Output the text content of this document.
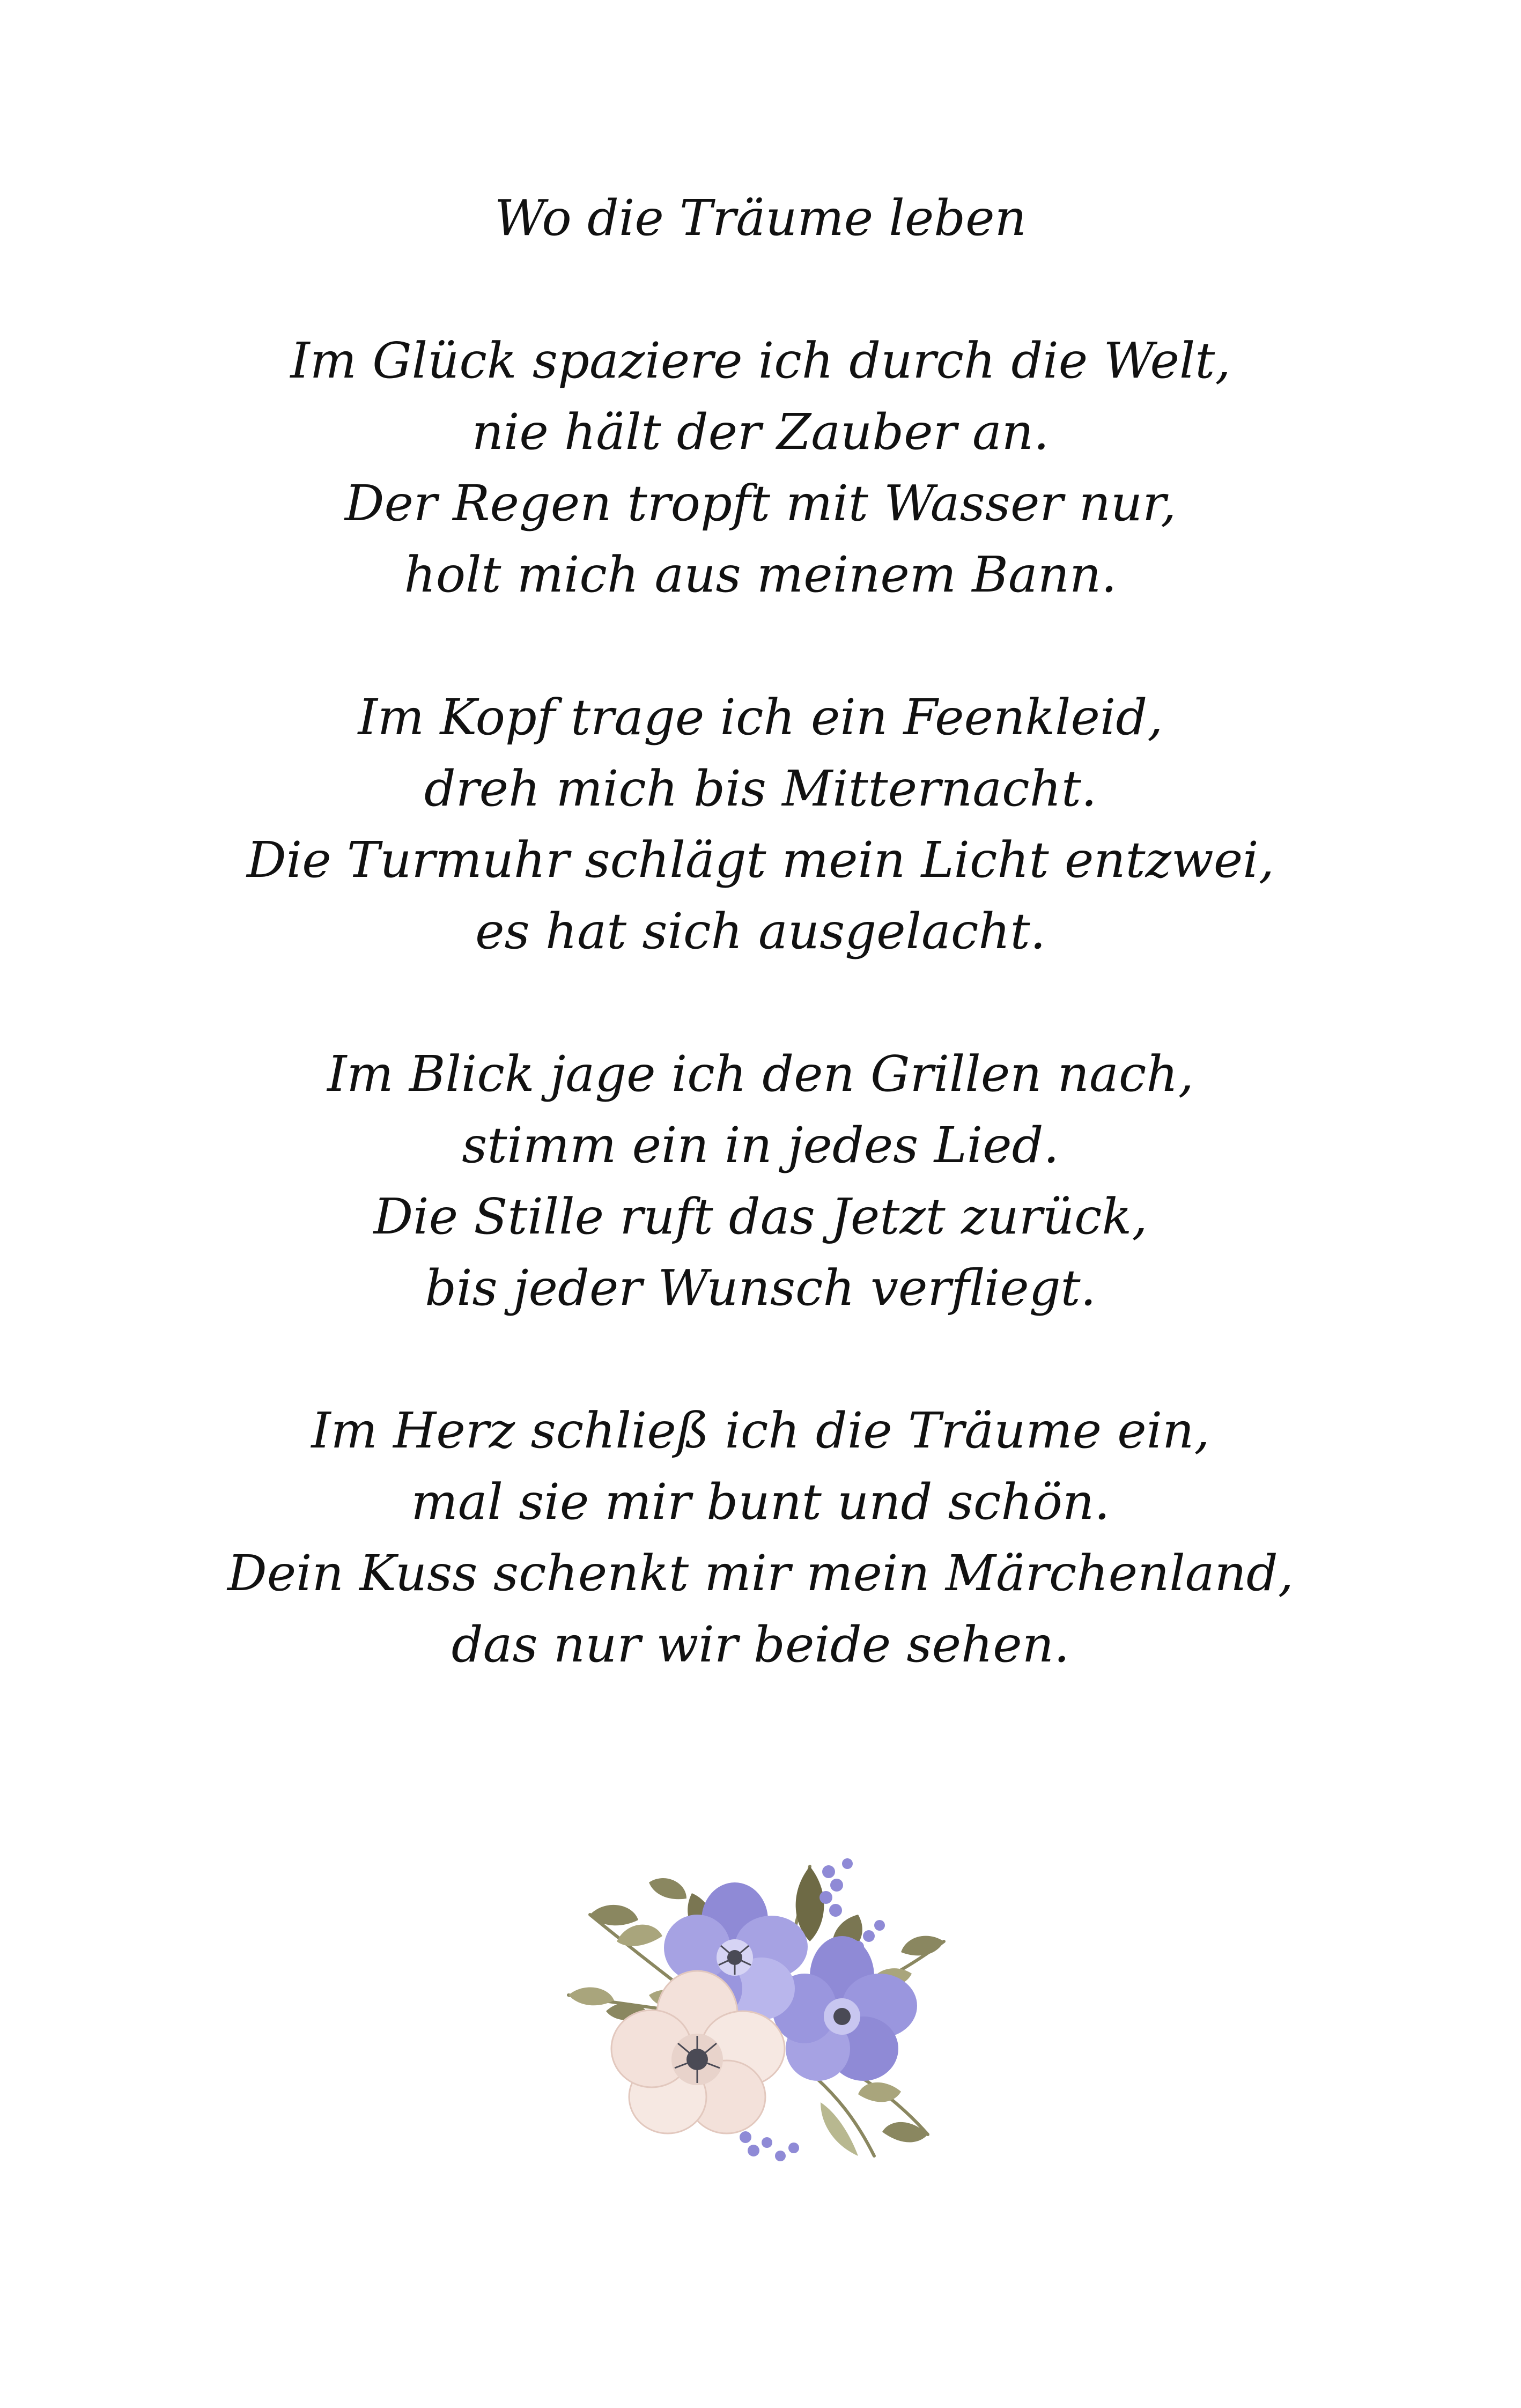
Wo die Träume leben
Im Glück spaziere ich durch die Welt,
nie hält der Zauber an.
Der Regen tropft mit Wasser nur,
holt mich aus meinem Bann.
Im Kopf trage ich ein Feenkleid,
dreh mich bis Mitternacht.
Die Turmuhr schlägt mein Licht entzwei,
es hat sich ausgelacht.
Im Blick jage ich den Grillen nach,
stimm ein in jedes Lied.
Die Stille ruft das Jetzt zurück,
bis jeder Wunsch verfliegt.
Im Herz schließ ich die Träume ein,
mal sie mir bunt und schön.
Dein Kuss schenkt mir mein Märchenland,
das nur wir beide sehen.
